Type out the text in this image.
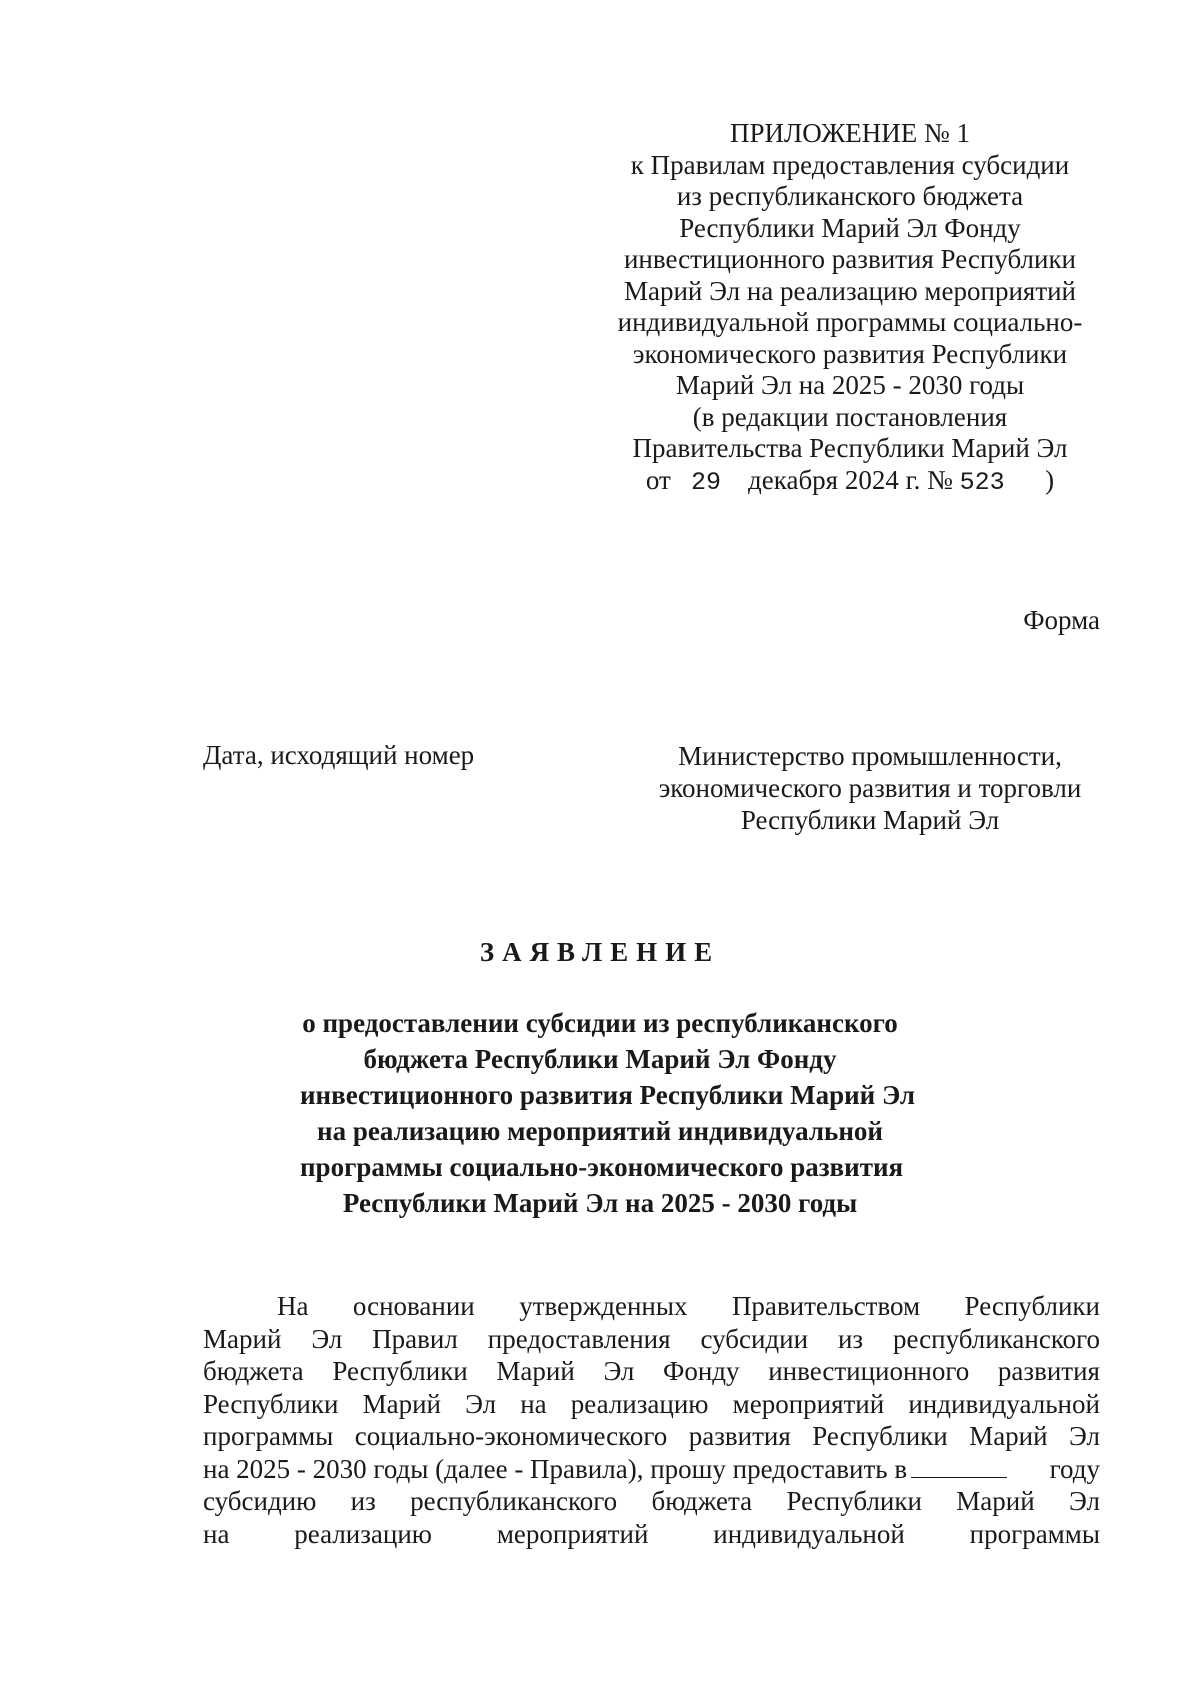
ПРИЛОЖЕНИЕ № 1
к Правилам предоставления субсидии
из республиканского бюджета
Республики Марий Эл Фонду
инвестиционного развития Республики
Марий Эл на реализацию мероприятий
индивидуальной программы социально-
экономического развития Республики
Марий Эл на 2025 - 2030 годы
(в редакции постановления
Правительства Республики Марий Эл
от 29 декабря 2024 г. № 523 )
Форма
Дата, исходящий номер	Министерство промышленности,
экономического развития и торговли
Республики Марий Эл
ЗАЯВЛЕНИЕ
о предоставлении субсидии из республиканского
бюджета Республики Марий Эл Фонду
инвестиционного развития Республики Марий Эл
на реализацию мероприятий индивидуальной
программы социально-экономического развития
Республики Марий Эл на 2025 - 2030 годы
На основании утвержденных Правительством Республики
Марий Эл Правил предоставления субсидии из республиканского
бюджета Республики Марий Эл Фонду инвестиционного развития
Республики Марий Эл на реализацию мероприятий индивидуальной
программы социально-экономического развития Республики Марий Эл
на 2025 - 2030 годы (далее - Правила), прошу предоставить в	году
субсидию из республиканского бюджета Республики Марий Эл
на реализацию мероприятий индивидуальной программы
